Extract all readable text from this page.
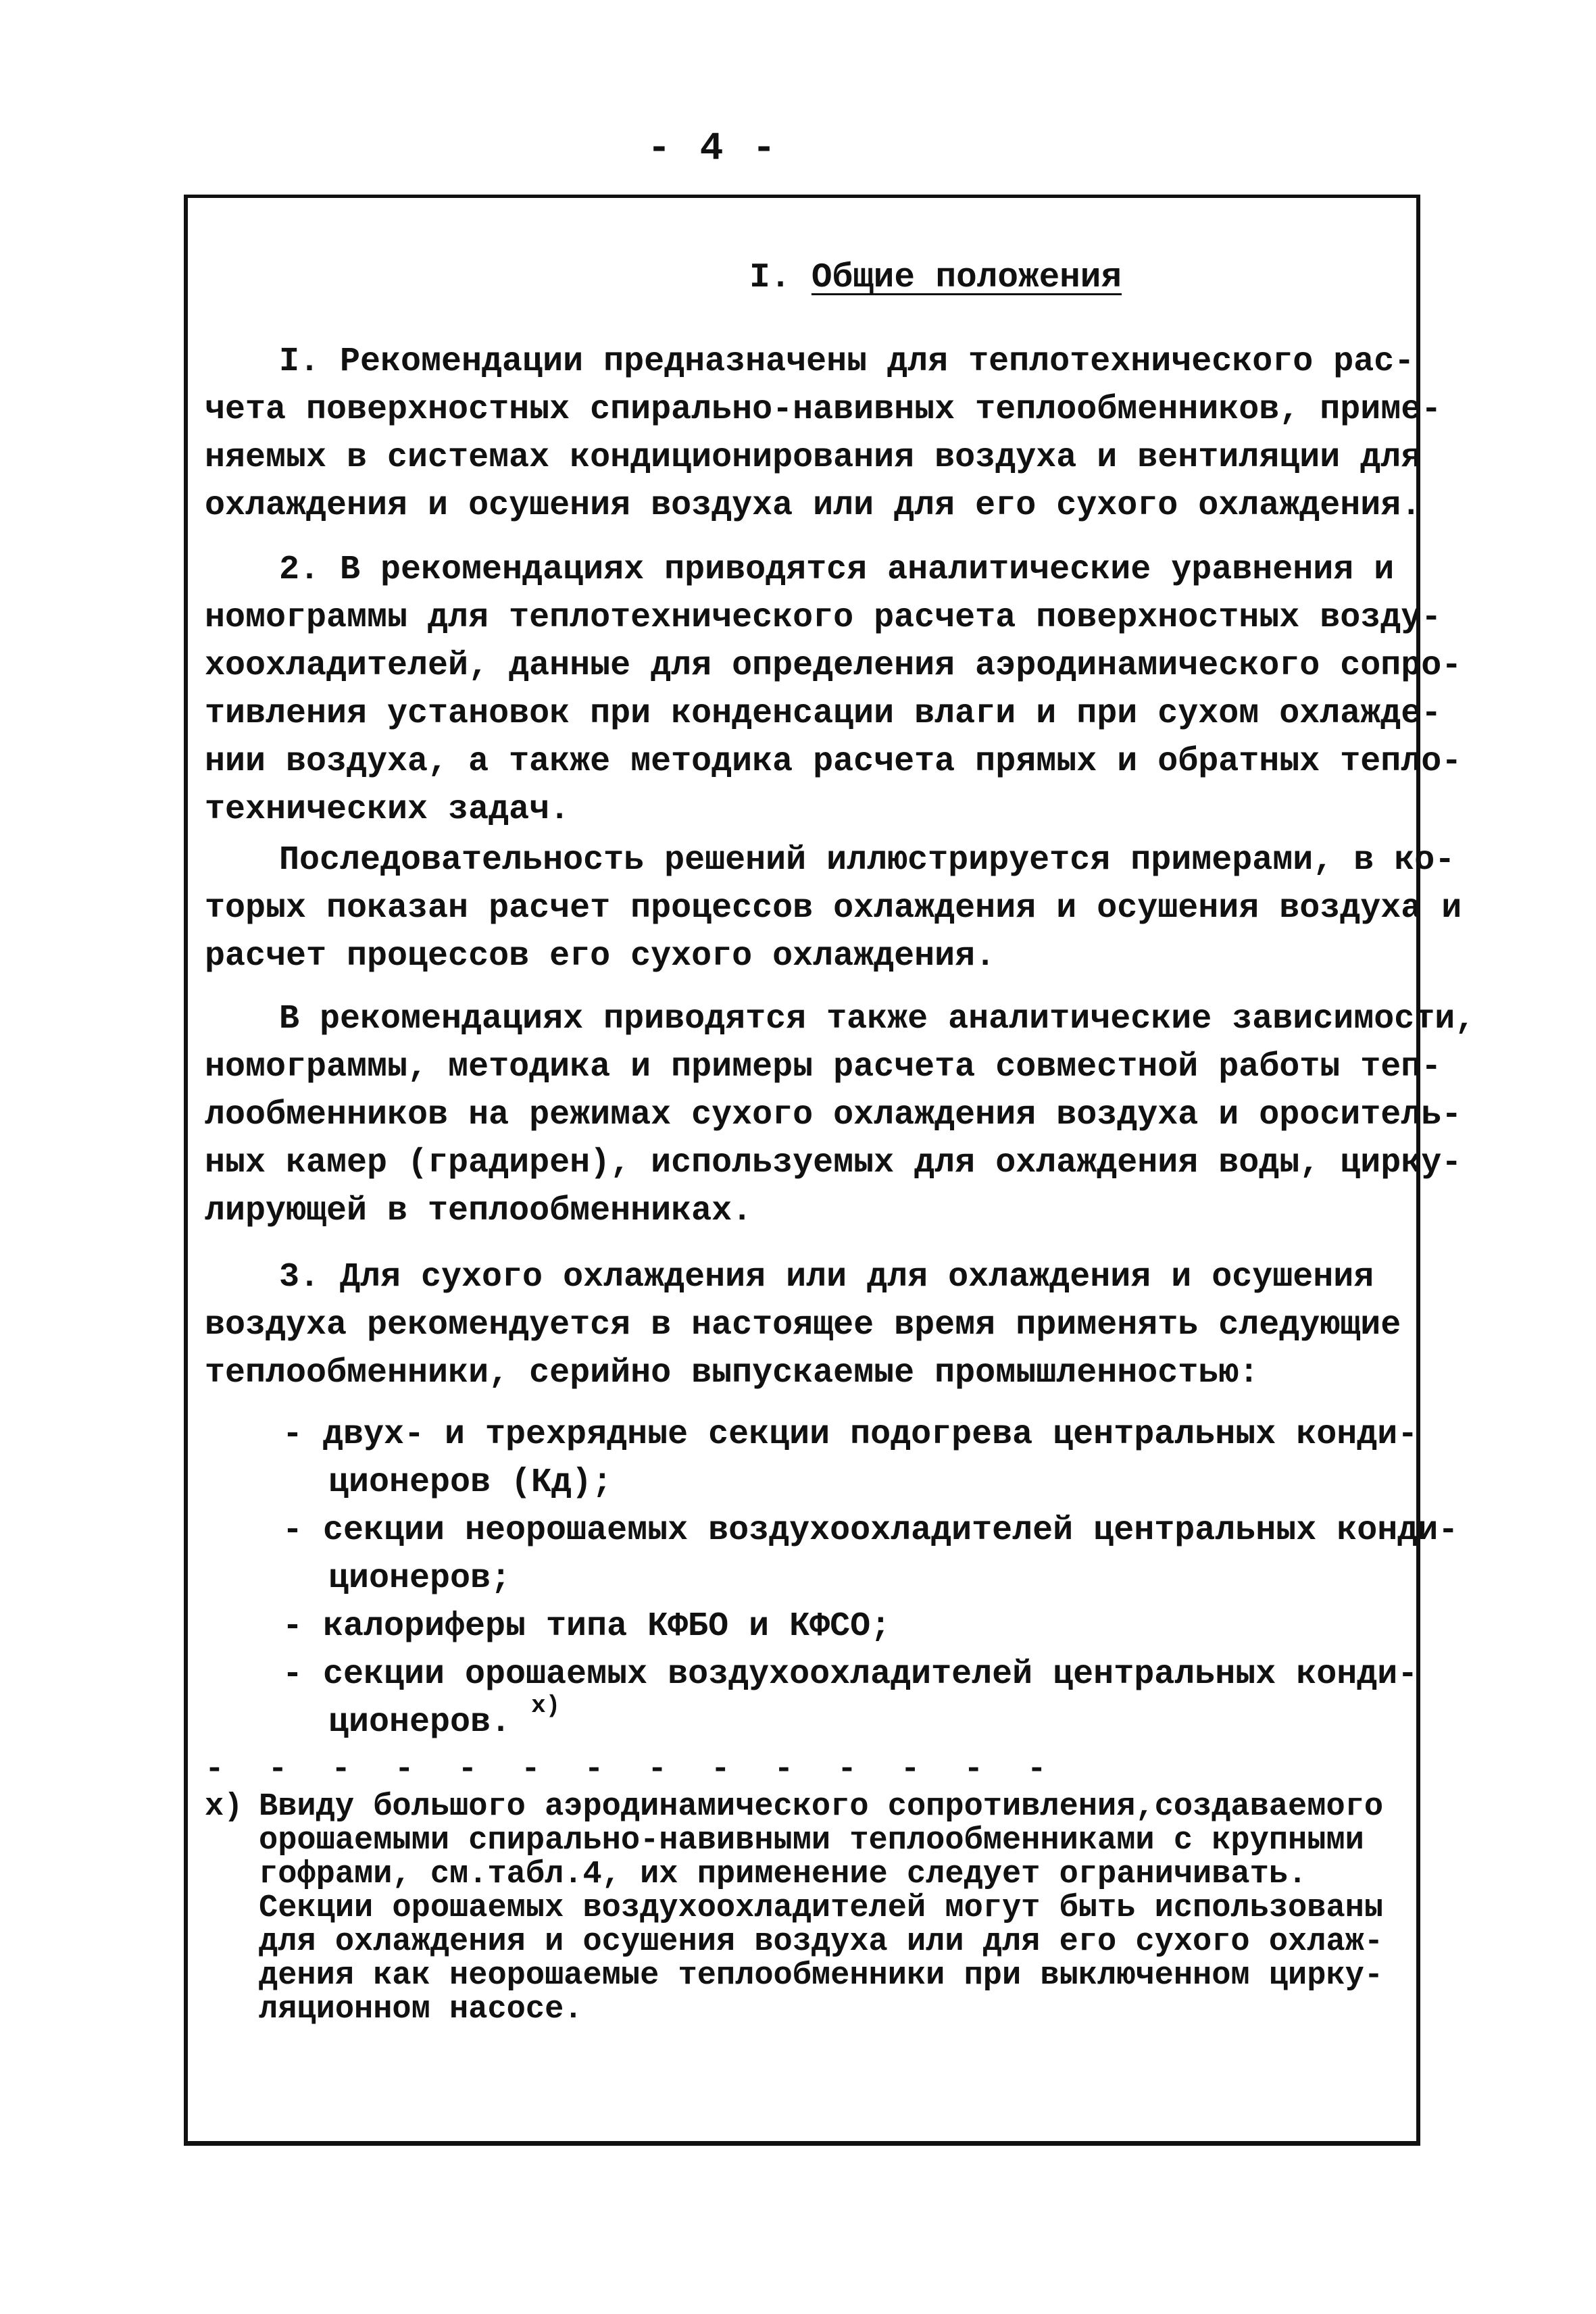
- 4 -
I. Общие положения
I. Рекомендации предназначены для теплотехнического рас-
чета поверхностных спирально-навивных теплообменников, приме-
няемых в системах кондиционирования воздуха и вентиляции для
охлаждения и осушения воздуха или для его сухого охлаждения.
2. В рекомендациях приводятся аналитические уравнения и
номограммы для теплотехнического расчета поверхностных возду-
хоохладителей, данные для определения аэродинамического сопро-
тивления установок при конденсации влаги и при сухом охлажде-
нии воздуха, а также методика расчета прямых и обратных тепло-
технических задач.
Последовательность решений иллюстрируется примерами, в ко-
торых показан расчет процессов охлаждения и осушения воздуха и
расчет процессов его сухого охлаждения.
В рекомендациях приводятся также аналитические зависимости,
номограммы, методика и примеры расчета совместной работы теп-
лообменников на режимах сухого охлаждения воздуха и ороситель-
ных камер (градирен), используемых для охлаждения воды, цирку-
лирующей в теплообменниках.
3. Для сухого охлаждения или для охлаждения и осушения
воздуха рекомендуется в настоящее время применять следующие
теплообменники, серийно выпускаемые промышленностью:
- двух- и трехрядные секции подогрева центральных конди-
ционеров (Кд);
- секции неорошаемых воздухоохладителей центральных конди-
ционеров;
- калориферы типа КФБО и КФСО;
- секции орошаемых воздухоохладителей центральных конди-
ционеров. $^{х)}$
- - - - - - - - - - - - - -
х) Ввиду большого аэродинамического сопротивления,создаваемого
орошаемыми спирально-навивными теплообменниками с крупными
гофрами, см.табл.4, их применение следует ограничивать.
Секции орошаемых воздухоохладителей могут быть использованы
для охлаждения и осушения воздуха или для его сухого охлаж-
дения как неорошаемые теплообменники при выключенном цирку-
ляционном насосе.
